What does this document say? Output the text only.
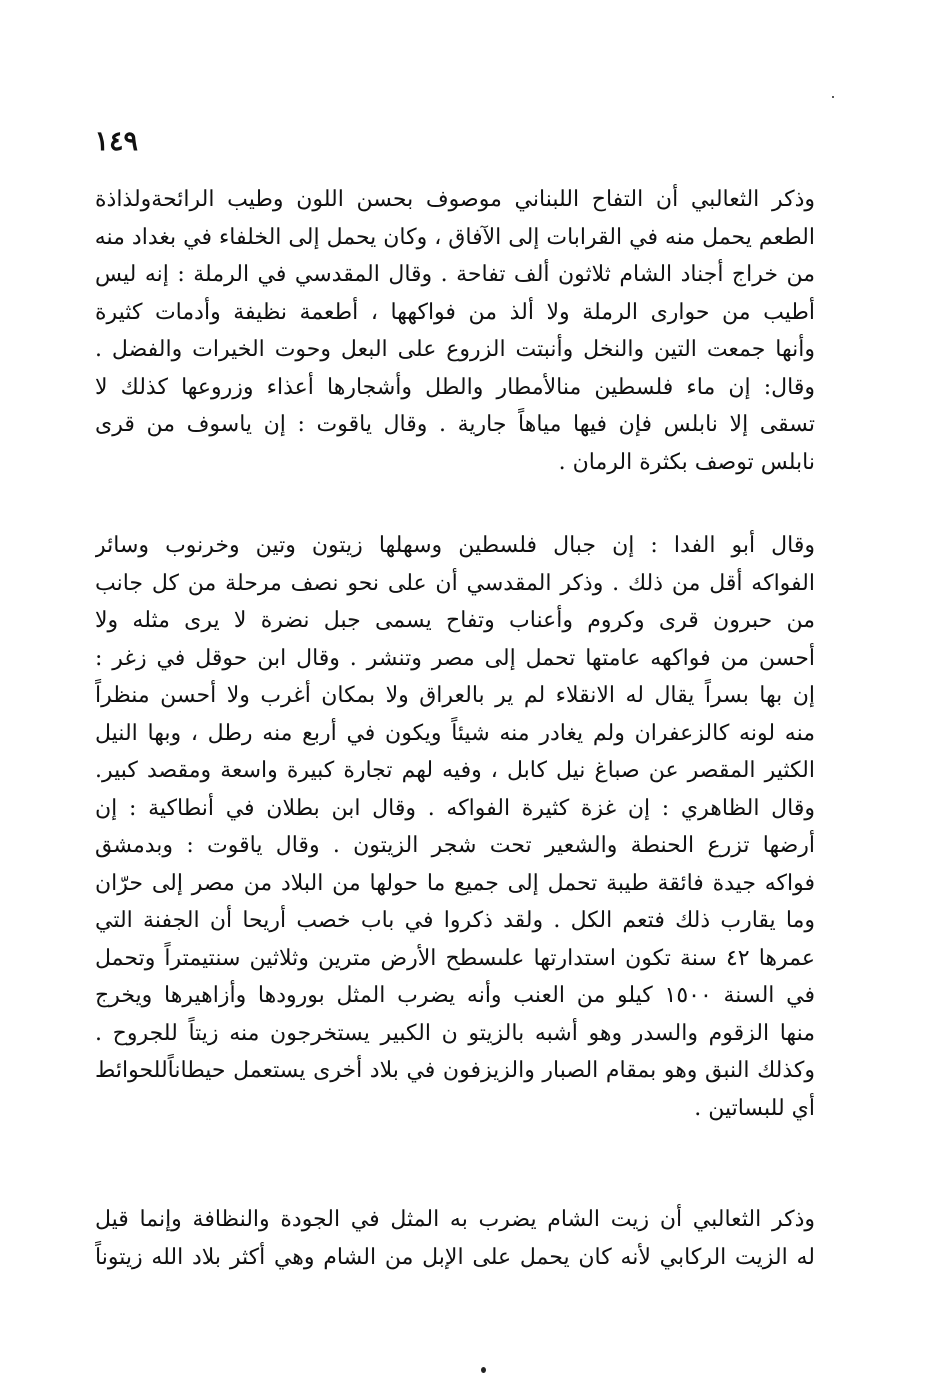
١٤٩
وذكر الثعالبي أن التفاح اللبناني موصوف بحسن اللون وطيب الرائحةولذاذة
الطعم يحمل منه في القرابات إلى الآفاق ، وكان يحمل إلى الخلفاء في بغداد منه
من خراج أجناد الشام ثلاثون ألف تفاحة . وقال المقدسي في الرملة : إنه ليس
أطيب من حوارى الرملة ولا ألذ من فواكهها ، أطعمة نظيفة وأدمات كثيرة
وأنها جمعت التين والنخل وأنبتت الزروع على البعل وحوت الخيرات والفضل .
وقال: إن ماء فلسطين منالأمطار والطل وأشجارها أعذاء وزروعها كذلك لا
تسقى إلا نابلس فإن فيها مياهاً جارية . وقال ياقوت : إن ياسوف من قرى
نابلس توصف بكثرة الرمان .
وقال أبو الفدا : إن جبال فلسطين وسهلها زيتون وتين وخرنوب وسائر
الفواكه أقل من ذلك . وذكر المقدسي أن على نحو نصف مرحلة من كل جانب
من حبرون قرى وكروم وأعناب وتفاح يسمى جبل نضرة لا يرى مثله ولا
أحسن من فواكهه عامتها تحمل إلى مصر وتنشر . وقال ابن حوقل في زغر :
إن بها بسراً يقال له الانقلاء لم ير بالعراق ولا بمكان أغرب ولا أحسن منظراً
منه لونه كالزعفران ولم يغادر منه شيئاً ويكون في أربع منه رطل ، وبها النيل
الكثير المقصر عن صباغ نيل كابل ، وفيه لهم تجارة كبيرة واسعة ومقصد كبير.
وقال الظاهري : إن غزة كثيرة الفواكه . وقال ابن بطلان في أنطاكية : إن
أرضها تزرع الحنطة والشعير تحت شجر الزيتون . وقال ياقوت : وبدمشق
فواكه جيدة فائقة طيبة تحمل إلى جميع ما حولها من البلاد من مصر إلى حرّان
وما يقارب ذلك فتعم الكل . ولقد ذكروا في باب خصب أريحا أن الجفنة التي
عمرها ٤٢ سنة تكون استدارتها علىسطح الأرض مترين وثلاثين سنتيمتراً وتحمل
في السنة ١٥٠٠ كيلو من العنب وأنه يضرب المثل بورودها وأزاهيرها ويخرج
منها الزقوم والسدر وهو أشبه بالزيتو ن الكبير يستخرجون منه زيتاً للجروح .
وكذلك النبق وهو بمقام الصبار والزيزفون في بلاد أخرى يستعمل حيطاناًللحوائط
أي للبساتين .
وذكر الثعالبي أن زيت الشام يضرب به المثل في الجودة والنظافة وإنما قيل
له الزيت الركابي لأنه كان يحمل على الإبل من الشام وهي أكثر بلاد الله زيتوناً
